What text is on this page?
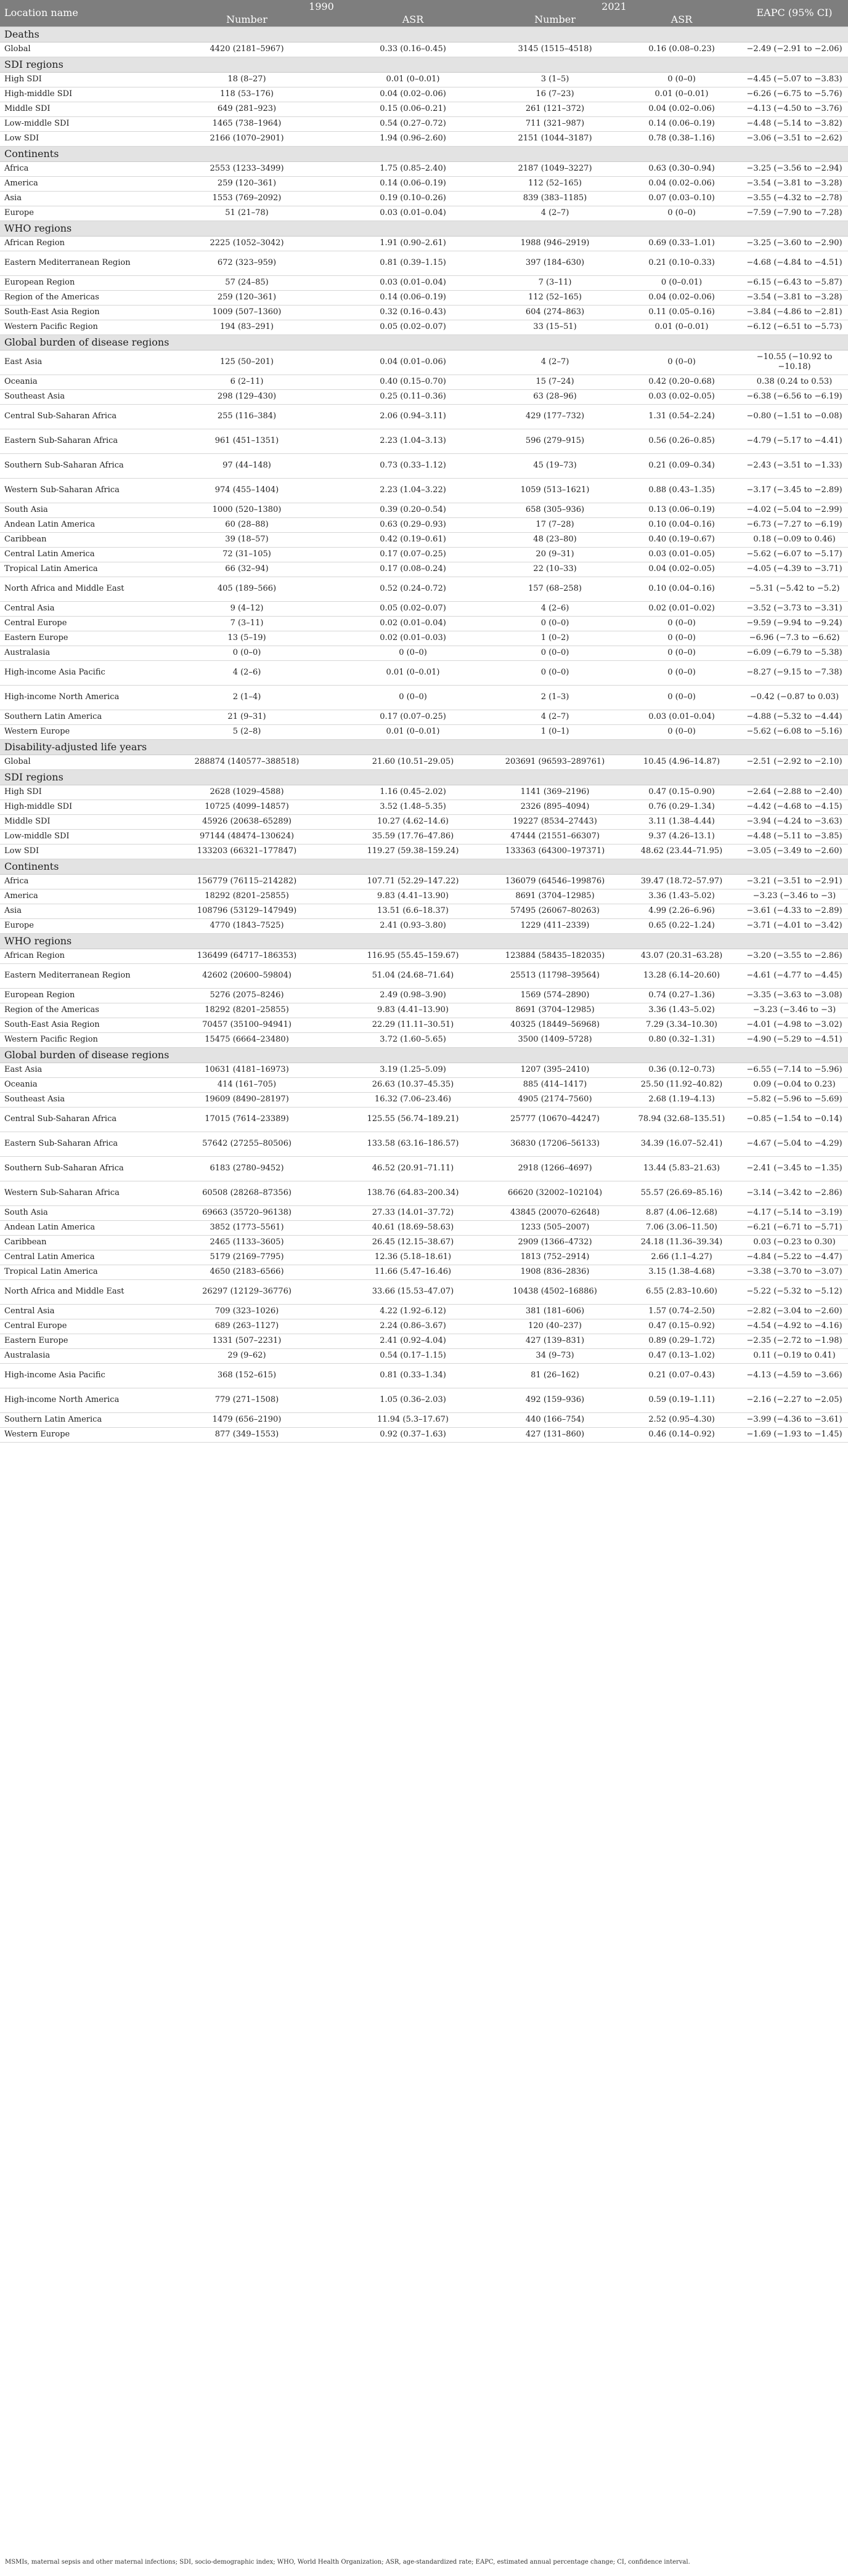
Location name	1990		2021		EAPC (95% CI)
	Number	ASR	Number	ASR	
Deaths					
Global	4420 (2181–5967)	0.33 (0.16–0.45)	3145 (1515–4518)	0.16 (0.08–0.23)	−2.49 (−2.91 to −2.06)
SDI regions					
High SDI	18 (8–27)	0.01 (0–0.01)	3 (1–5)	0 (0–0)	−4.45 (−5.07 to −3.83)
High-middle SDI	118 (53–176)	0.04 (0.02–0.06)	16 (7–23)	0.01 (0–0.01)	−6.26 (−6.75 to −5.76)
Middle SDI	649 (281–923)	0.15 (0.06–0.21)	261 (121–372)	0.04 (0.02–0.06)	−4.13 (−4.50 to −3.76)
Low-middle SDI	1465 (738–1964)	0.54 (0.27–0.72)	711 (321–987)	0.14 (0.06–0.19)	−4.48 (−5.14 to −3.82)
Low SDI	2166 (1070–2901)	1.94 (0.96–2.60)	2151 (1044–3187)	0.78 (0.38–1.16)	−3.06 (−3.51 to −2.62)
Continents					
Africa	2553 (1233–3499)	1.75 (0.85–2.40)	2187 (1049–3227)	0.63 (0.30–0.94)	−3.25 (−3.56 to −2.94)
America	259 (120–361)	0.14 (0.06–0.19)	112 (52–165)	0.04 (0.02–0.06)	−3.54 (−3.81 to −3.28)
Asia	1553 (769–2092)	0.19 (0.10–0.26)	839 (383–1185)	0.07 (0.03–0.10)	−3.55 (−4.32 to −2.78)
Europe	51 (21–78)	0.03 (0.01–0.04)	4 (2–7)	0 (0–0)	−7.59 (−7.90 to −7.28)
WHO regions					
African Region	2225 (1052–3042)	1.91 (0.90–2.61)	1988 (946–2919)	0.69 (0.33–1.01)	−3.25 (−3.60 to −2.90)
Eastern Mediterranean Region	672 (323–959)	0.81 (0.39–1.15)	397 (184–630)	0.21 (0.10–0.33)	−4.68 (−4.84 to −4.51)
European Region	57 (24–85)	0.03 (0.01–0.04)	7 (3–11)	0 (0–0.01)	−6.15 (−6.43 to −5.87)
Region of the Americas	259 (120–361)	0.14 (0.06–0.19)	112 (52–165)	0.04 (0.02–0.06)	−3.54 (−3.81 to −3.28)
South-East Asia Region	1009 (507–1360)	0.32 (0.16–0.43)	604 (274–863)	0.11 (0.05–0.16)	−3.84 (−4.86 to −2.81)
Western Pacific Region	194 (83–291)	0.05 (0.02–0.07)	33 (15–51)	0.01 (0–0.01)	−6.12 (−6.51 to −5.73)
Global burden of disease regions					
East Asia	125 (50–201)	0.04 (0.01–0.06)	4 (2–7)	0 (0–0)	−10.55 (−10.92 to −10.18)
Oceania	6 (2–11)	0.40 (0.15–0.70)	15 (7–24)	0.42 (0.20–0.68)	0.38 (0.24 to 0.53)
Southeast Asia	298 (129–430)	0.25 (0.11–0.36)	63 (28–96)	0.03 (0.02–0.05)	−6.38 (−6.56 to −6.19)
Central Sub-Saharan Africa	255 (116–384)	2.06 (0.94–3.11)	429 (177–732)	1.31 (0.54–2.24)	−0.80 (−1.51 to −0.08)
Eastern Sub-Saharan Africa	961 (451–1351)	2.23 (1.04–3.13)	596 (279–915)	0.56 (0.26–0.85)	−4.79 (−5.17 to −4.41)
Southern Sub-Saharan Africa	97 (44–148)	0.73 (0.33–1.12)	45 (19–73)	0.21 (0.09–0.34)	−2.43 (−3.51 to −1.33)
Western Sub-Saharan Africa	974 (455–1404)	2.23 (1.04–3.22)	1059 (513–1621)	0.88 (0.43–1.35)	−3.17 (−3.45 to −2.89)
South Asia	1000 (520–1380)	0.39 (0.20–0.54)	658 (305–936)	0.13 (0.06–0.19)	−4.02 (−5.04 to −2.99)
Andean Latin America	60 (28–88)	0.63 (0.29–0.93)	17 (7–28)	0.10 (0.04–0.16)	−6.73 (−7.27 to −6.19)
Caribbean	39 (18–57)	0.42 (0.19–0.61)	48 (23–80)	0.40 (0.19–0.67)	0.18 (−0.09 to 0.46)
Central Latin America	72 (31–105)	0.17 (0.07–0.25)	20 (9–31)	0.03 (0.01–0.05)	−5.62 (−6.07 to −5.17)
Tropical Latin America	66 (32–94)	0.17 (0.08–0.24)	22 (10–33)	0.04 (0.02–0.05)	−4.05 (−4.39 to −3.71)
North Africa and Middle East	405 (189–566)	0.52 (0.24–0.72)	157 (68–258)	0.10 (0.04–0.16)	−5.31 (−5.42 to −5.2)
Central Asia	9 (4–12)	0.05 (0.02–0.07)	4 (2–6)	0.02 (0.01–0.02)	−3.52 (−3.73 to −3.31)
Central Europe	7 (3–11)	0.02 (0.01–0.04)	0 (0–0)	0 (0–0)	−9.59 (−9.94 to −9.24)
Eastern Europe	13 (5–19)	0.02 (0.01–0.03)	1 (0–2)	0 (0–0)	−6.96 (−7.3 to −6.62)
Australasia	0 (0–0)	0 (0–0)	0 (0–0)	0 (0–0)	−6.09 (−6.79 to −5.38)
High-income Asia Pacific	4 (2–6)	0.01 (0–0.01)	0 (0–0)	0 (0–0)	−8.27 (−9.15 to −7.38)
High-income North America	2 (1–4)	0 (0–0)	2 (1–3)	0 (0–0)	−0.42 (−0.87 to 0.03)
Southern Latin America	21 (9–31)	0.17 (0.07–0.25)	4 (2–7)	0.03 (0.01–0.04)	−4.88 (−5.32 to −4.44)
Western Europe	5 (2–8)	0.01 (0–0.01)	1 (0–1)	0 (0–0)	−5.62 (−6.08 to −5.16)
Disability-adjusted life years					
Global	288874 (140577–388518)	21.60 (10.51–29.05)	203691 (96593–289761)	10.45 (4.96–14.87)	−2.51 (−2.92 to −2.10)
SDI regions					
High SDI	2628 (1029–4588)	1.16 (0.45–2.02)	1141 (369–2196)	0.47 (0.15–0.90)	−2.64 (−2.88 to −2.40)
High-middle SDI	10725 (4099–14857)	3.52 (1.48–5.35)	2326 (895–4094)	0.76 (0.29–1.34)	−4.42 (−4.68 to −4.15)
Middle SDI	45926 (20638–65289)	10.27 (4.62–14.6)	19227 (8534–27443)	3.11 (1.38–4.44)	−3.94 (−4.24 to −3.63)
Low-middle SDI	97144 (48474–130624)	35.59 (17.76–47.86)	47444 (21551–66307)	9.37 (4.26–13.1)	−4.48 (−5.11 to −3.85)
Low SDI	133203 (66321–177847)	119.27 (59.38–159.24)	133363 (64300–197371)	48.62 (23.44–71.95)	−3.05 (−3.49 to −2.60)
Continents					
Africa	156779 (76115–214282)	107.71 (52.29–147.22)	136079 (64546–199876)	39.47 (18.72–57.97)	−3.21 (−3.51 to −2.91)
America	18292 (8201–25855)	9.83 (4.41–13.90)	8691 (3704–12985)	3.36 (1.43–5.02)	−3.23 (−3.46 to −3)
Asia	108796 (53129–147949)	13.51 (6.6–18.37)	57495 (26067–80263)	4.99 (2.26–6.96)	−3.61 (−4.33 to −2.89)
Europe	4770 (1843–7525)	2.41 (0.93–3.80)	1229 (411–2339)	0.65 (0.22–1.24)	−3.71 (−4.01 to −3.42)
WHO regions					
African Region	136499 (64717–186353)	116.95 (55.45–159.67)	123884 (58435–182035)	43.07 (20.31–63.28)	−3.20 (−3.55 to −2.86)
Eastern Mediterranean Region	42602 (20600–59804)	51.04 (24.68–71.64)	25513 (11798–39564)	13.28 (6.14–20.60)	−4.61 (−4.77 to −4.45)
European Region	5276 (2075–8246)	2.49 (0.98–3.90)	1569 (574–2890)	0.74 (0.27–1.36)	−3.35 (−3.63 to −3.08)
Region of the Americas	18292 (8201–25855)	9.83 (4.41–13.90)	8691 (3704–12985)	3.36 (1.43–5.02)	−3.23 (−3.46 to −3)
South-East Asia Region	70457 (35100–94941)	22.29 (11.11–30.51)	40325 (18449–56968)	7.29 (3.34–10.30)	−4.01 (−4.98 to −3.02)
Western Pacific Region	15475 (6664–23480)	3.72 (1.60–5.65)	3500 (1409–5728)	0.80 (0.32–1.31)	−4.90 (−5.29 to −4.51)
Global burden of disease regions					
East Asia	10631 (4181–16973)	3.19 (1.25–5.09)	1207 (395–2410)	0.36 (0.12–0.73)	−6.55 (−7.14 to −5.96)
Oceania	414 (161–705)	26.63 (10.37–45.35)	885 (414–1417)	25.50 (11.92–40.82)	0.09 (−0.04 to 0.23)
Southeast Asia	19609 (8490–28197)	16.32 (7.06–23.46)	4905 (2174–7560)	2.68 (1.19–4.13)	−5.82 (−5.96 to −5.69)
Central Sub-Saharan Africa	17015 (7614–23389)	125.55 (56.74–189.21)	25777 (10670–44247)	78.94 (32.68–135.51)	−0.85 (−1.54 to −0.14)
Eastern Sub-Saharan Africa	57642 (27255–80506)	133.58 (63.16–186.57)	36830 (17206–56133)	34.39 (16.07–52.41)	−4.67 (−5.04 to −4.29)
Southern Sub-Saharan Africa	6183 (2780–9452)	46.52 (20.91–71.11)	2918 (1266–4697)	13.44 (5.83–21.63)	−2.41 (−3.45 to −1.35)
Western Sub-Saharan Africa	60508 (28268–87356)	138.76 (64.83–200.34)	66620 (32002–102104)	55.57 (26.69–85.16)	−3.14 (−3.42 to −2.86)
South Asia	69663 (35720–96138)	27.33 (14.01–37.72)	43845 (20070–62648)	8.87 (4.06–12.68)	−4.17 (−5.14 to −3.19)
Andean Latin America	3852 (1773–5561)	40.61 (18.69–58.63)	1233 (505–2007)	7.06 (3.06–11.50)	−6.21 (−6.71 to −5.71)
Caribbean	2465 (1133–3605)	26.45 (12.15–38.67)	2909 (1366–4732)	24.18 (11.36–39.34)	0.03 (−0.23 to 0.30)
Central Latin America	5179 (2169–7795)	12.36 (5.18–18.61)	1813 (752–2914)	2.66 (1.1–4.27)	−4.84 (−5.22 to −4.47)
Tropical Latin America	4650 (2183–6566)	11.66 (5.47–16.46)	1908 (836–2836)	3.15 (1.38–4.68)	−3.38 (−3.70 to −3.07)
North Africa and Middle East	26297 (12129–36776)	33.66 (15.53–47.07)	10438 (4502–16886)	6.55 (2.83–10.60)	−5.22 (−5.32 to −5.12)
Central Asia	709 (323–1026)	4.22 (1.92–6.12)	381 (181–606)	1.57 (0.74–2.50)	−2.82 (−3.04 to −2.60)
Central Europe	689 (263–1127)	2.24 (0.86–3.67)	120 (40–237)	0.47 (0.15–0.92)	−4.54 (−4.92 to −4.16)
Eastern Europe	1331 (507–2231)	2.41 (0.92–4.04)	427 (139–831)	0.89 (0.29–1.72)	−2.35 (−2.72 to −1.98)
Australasia	29 (9–62)	0.54 (0.17–1.15)	34 (9–73)	0.47 (0.13–1.02)	0.11 (−0.19 to 0.41)
High-income Asia Pacific	368 (152–615)	0.81 (0.33–1.34)	81 (26–162)	0.21 (0.07–0.43)	−4.13 (−4.59 to −3.66)
High-income North America	779 (271–1508)	1.05 (0.36–2.03)	492 (159–936)	0.59 (0.19–1.11)	−2.16 (−2.27 to −2.05)
Southern Latin America	1479 (656–2190)	11.94 (5.3–17.67)	440 (166–754)	2.52 (0.95–4.30)	−3.99 (−4.36 to −3.61)
Western Europe	877 (349–1553)	0.92 (0.37–1.63)	427 (131–860)	0.46 (0.14–0.92)	−1.69 (−1.93 to −1.45)
MSMIs, maternal sepsis and other maternal infections; SDI, socio-demographic index; WHO, World Health Organization; ASR, age-standardized rate; EAPC, estimated annual percentage change; CI, confidence interval.
